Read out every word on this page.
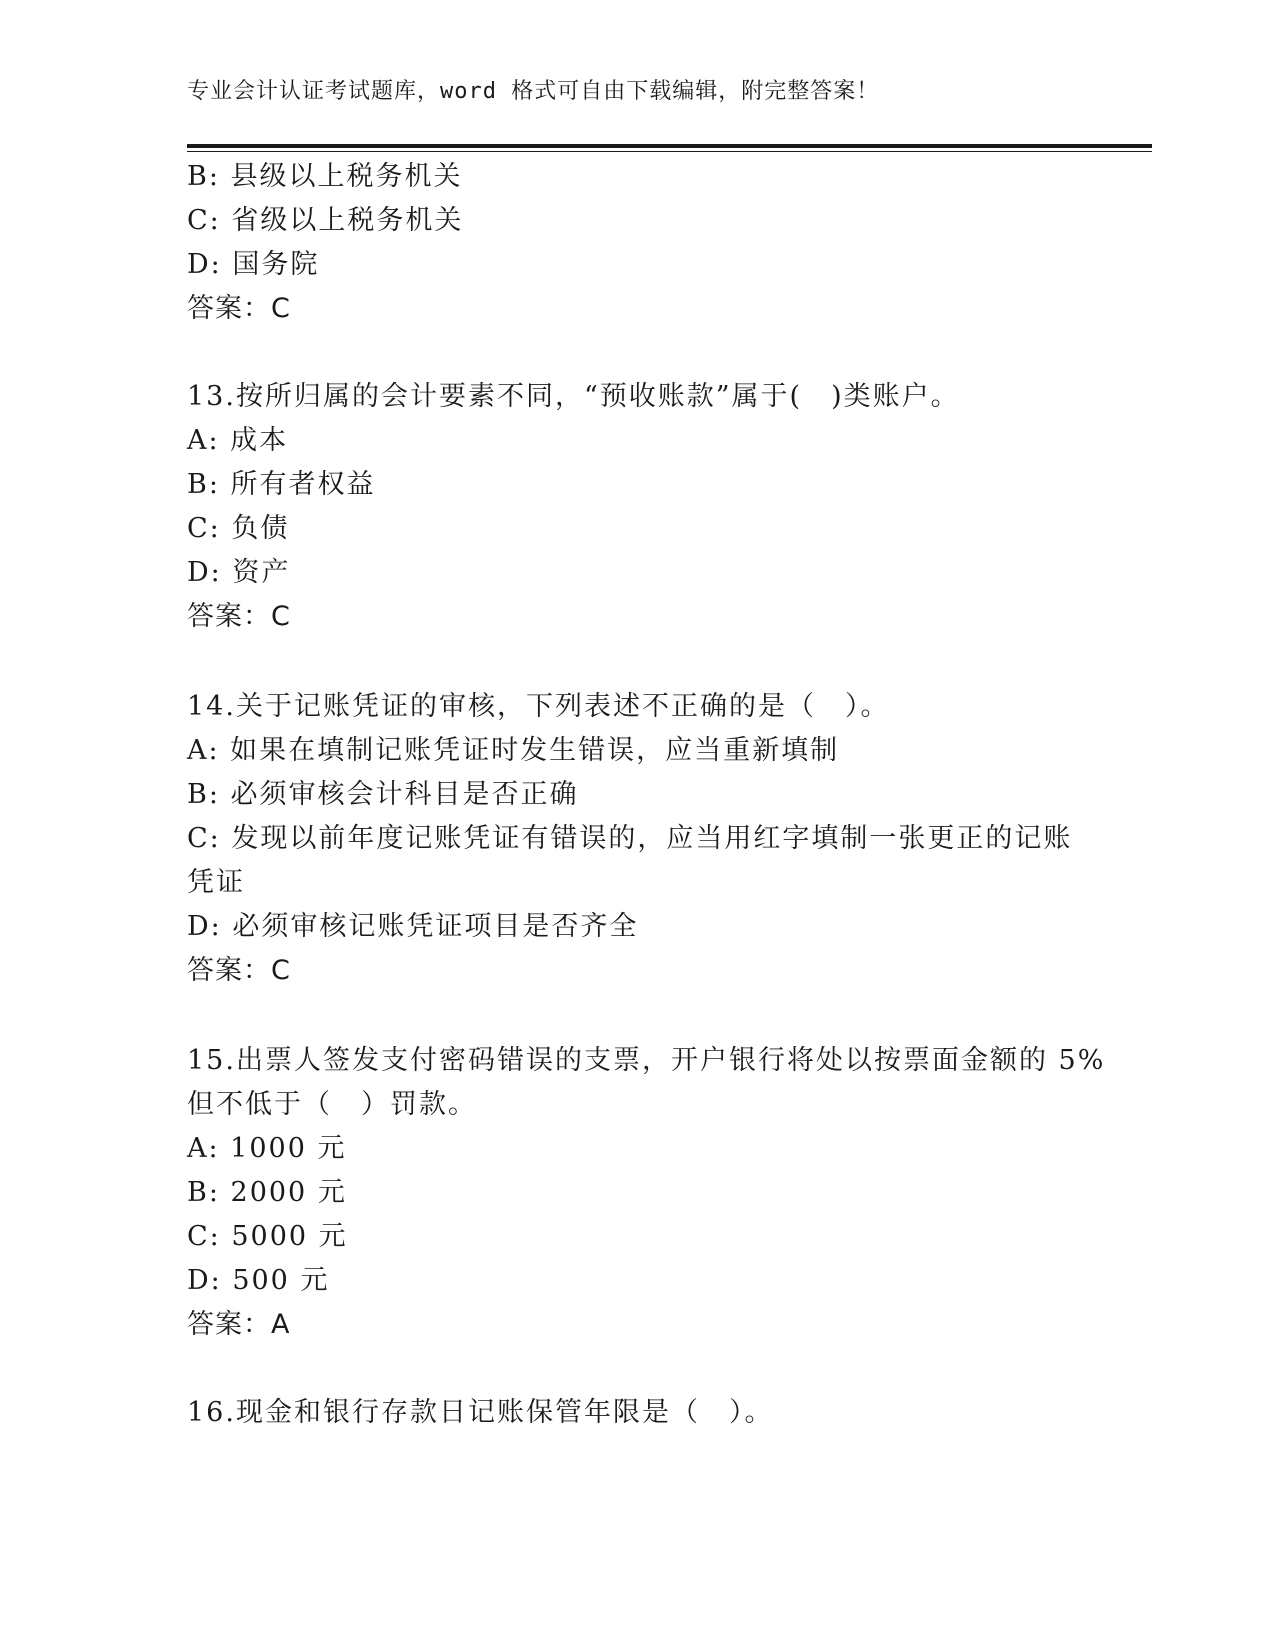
专业会计认证考试题库，word 格式可自由下载编辑，附完整答案！
B: 县级以上税务机关
C: 省级以上税务机关
D: 国务院
答案：C
13.按所归属的会计要素不同，“预收账款”属于(　)类账户。
A: 成本
B: 所有者权益
C: 负债
D: 资产
答案：C
14.关于记账凭证的审核，下列表述不正确的是（　）。
A: 如果在填制记账凭证时发生错误，应当重新填制
B: 必须审核会计科目是否正确
C: 发现以前年度记账凭证有错误的，应当用红字填制一张更正的记账
凭证
D: 必须审核记账凭证项目是否齐全
答案：C
15.出票人签发支付密码错误的支票，开户银行将处以按票面金额的 5%
但不低于（　）罚款。
A: 1000 元
B: 2000 元
C: 5000 元
D: 500 元
答案：A
16.现金和银行存款日记账保管年限是（　）。
